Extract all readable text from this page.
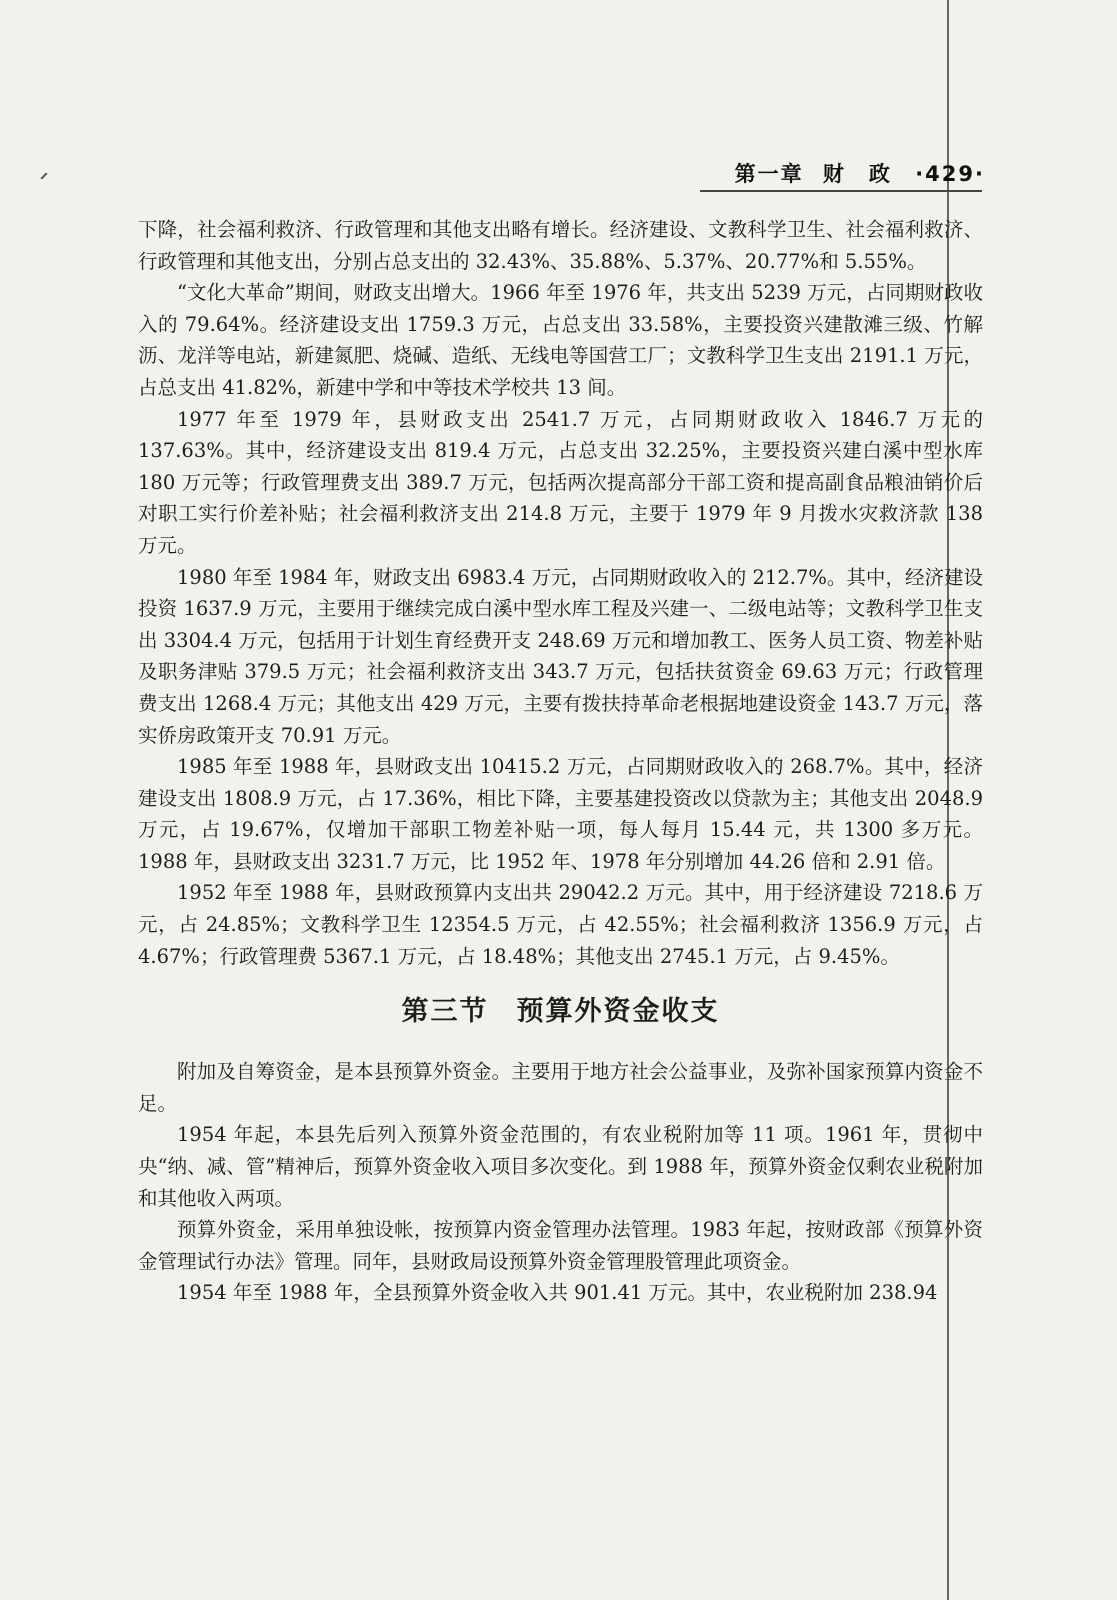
第一章 财　政 ·429·

下降，社会福利救济、行政管理和其他支出略有增长。经济建设、文教科学卫生、社会福利救济、行政管理和其他支出，分别占总支出的 32.43%、35.88%、5.37%、20.77%和 5.55%。

“文化大革命”期间，财政支出增大。1966 年至 1976 年，共支出 5239 万元，占同期财政收入的 79.64%。经济建设支出 1759.3 万元，占总支出 33.58%，主要投资兴建散滩三级、竹解沥、龙洋等电站，新建氮肥、烧碱、造纸、无线电等国营工厂；文教科学卫生支出 2191.1 万元，占总支出 41.82%，新建中学和中等技术学校共 13 间。

1977 年至 1979 年，县财政支出 2541.7 万元，占同期财政收入 1846.7 万元的 137.63%。其中，经济建设支出 819.4 万元，占总支出 32.25%，主要投资兴建白溪中型水库 180 万元等；行政管理费支出 389.7 万元，包括两次提高部分干部工资和提高副食品粮油销价后对职工实行价差补贴；社会福利救济支出 214.8 万元，主要于 1979 年 9 月拨水灾救济款 138 万元。

1980 年至 1984 年，财政支出 6983.4 万元，占同期财政收入的 212.7%。其中，经济建设投资 1637.9 万元，主要用于继续完成白溪中型水库工程及兴建一、二级电站等；文教科学卫生支出 3304.4 万元，包括用于计划生育经费开支 248.69 万元和增加教工、医务人员工资、物差补贴及职务津贴 379.5 万元；社会福利救济支出 343.7 万元，包括扶贫资金 69.63 万元；行政管理费支出 1268.4 万元；其他支出 429 万元，主要有拨扶持革命老根据地建设资金 143.7 万元，落实侨房政策开支 70.91 万元。

1985 年至 1988 年，县财政支出 10415.2 万元，占同期财政收入的 268.7%。其中，经济建设支出 1808.9 万元，占 17.36%，相比下降，主要基建投资改以贷款为主；其他支出 2048.9 万元，占 19.67%，仅增加干部职工物差补贴一项，每人每月 15.44 元，共 1300 多万元。1988 年，县财政支出 3231.7 万元，比 1952 年、1978 年分别增加 44.26 倍和 2.91 倍。

1952 年至 1988 年，县财政预算内支出共 29042.2 万元。其中，用于经济建设 7218.6 万元，占 24.85%；文教科学卫生 12354.5 万元，占 42.55%；社会福利救济 1356.9 万元，占 4.67%；行政管理费 5367.1 万元，占 18.48%；其他支出 2745.1 万元，占 9.45%。

第三节 预算外资金收支

附加及自筹资金，是本县预算外资金。主要用于地方社会公益事业，及弥补国家预算内资金不足。

1954 年起，本县先后列入预算外资金范围的，有农业税附加等 11 项。1961 年，贯彻中央“纳、减、管”精神后，预算外资金收入项目多次变化。到 1988 年，预算外资金仅剩农业税附加和其他收入两项。

预算外资金，采用单独设帐，按预算内资金管理办法管理。1983 年起，按财政部《预算外资金管理试行办法》管理。同年，县财政局设预算外资金管理股管理此项资金。

1954 年至 1988 年，全县预算外资金收入共 901.41 万元。其中，农业税附加 238.94
